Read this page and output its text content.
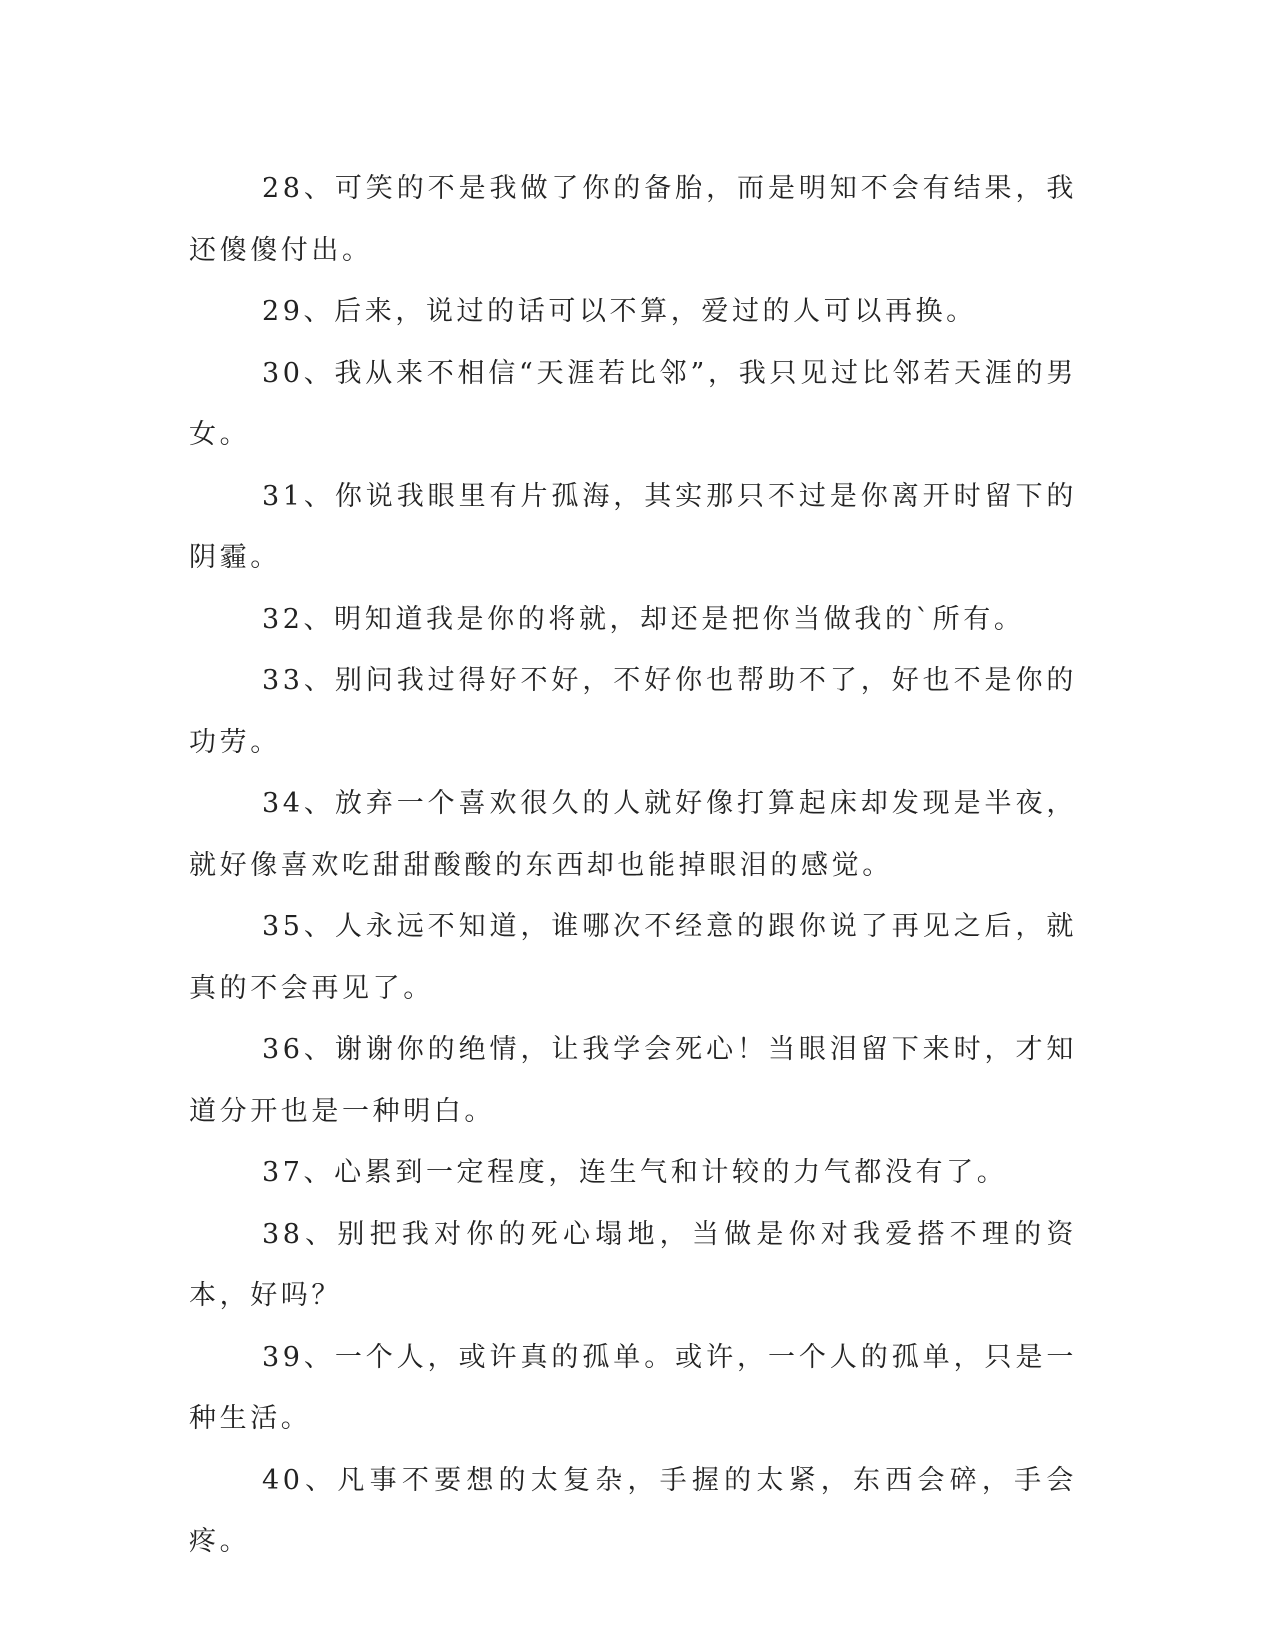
28、可笑的不是我做了你的备胎，而是明知不会有结果，我还傻傻付出。

29、后来，说过的话可以不算，爱过的人可以再换。

30、我从来不相信“天涯若比邻”，我只见过比邻若天涯的男女。

31、你说我眼里有片孤海，其实那只不过是你离开时留下的阴霾。

32、明知道我是你的将就，却还是把你当做我的`所有。

33、别问我过得好不好，不好你也帮助不了，好也不是你的功劳。

34、放弃一个喜欢很久的人就好像打算起床却发现是半夜，就好像喜欢吃甜甜酸酸的东西却也能掉眼泪的感觉。

35、人永远不知道，谁哪次不经意的跟你说了再见之后，就真的不会再见了。

36、谢谢你的绝情，让我学会死心！当眼泪留下来时，才知道分开也是一种明白。

37、心累到一定程度，连生气和计较的力气都没有了。

38、别把我对你的死心塌地，当做是你对我爱搭不理的资本，好吗？

39、一个人，或许真的孤单。或许，一个人的孤单，只是一种生活。

40、凡事不要想的太复杂，手握的太紧，东西会碎，手会疼。
